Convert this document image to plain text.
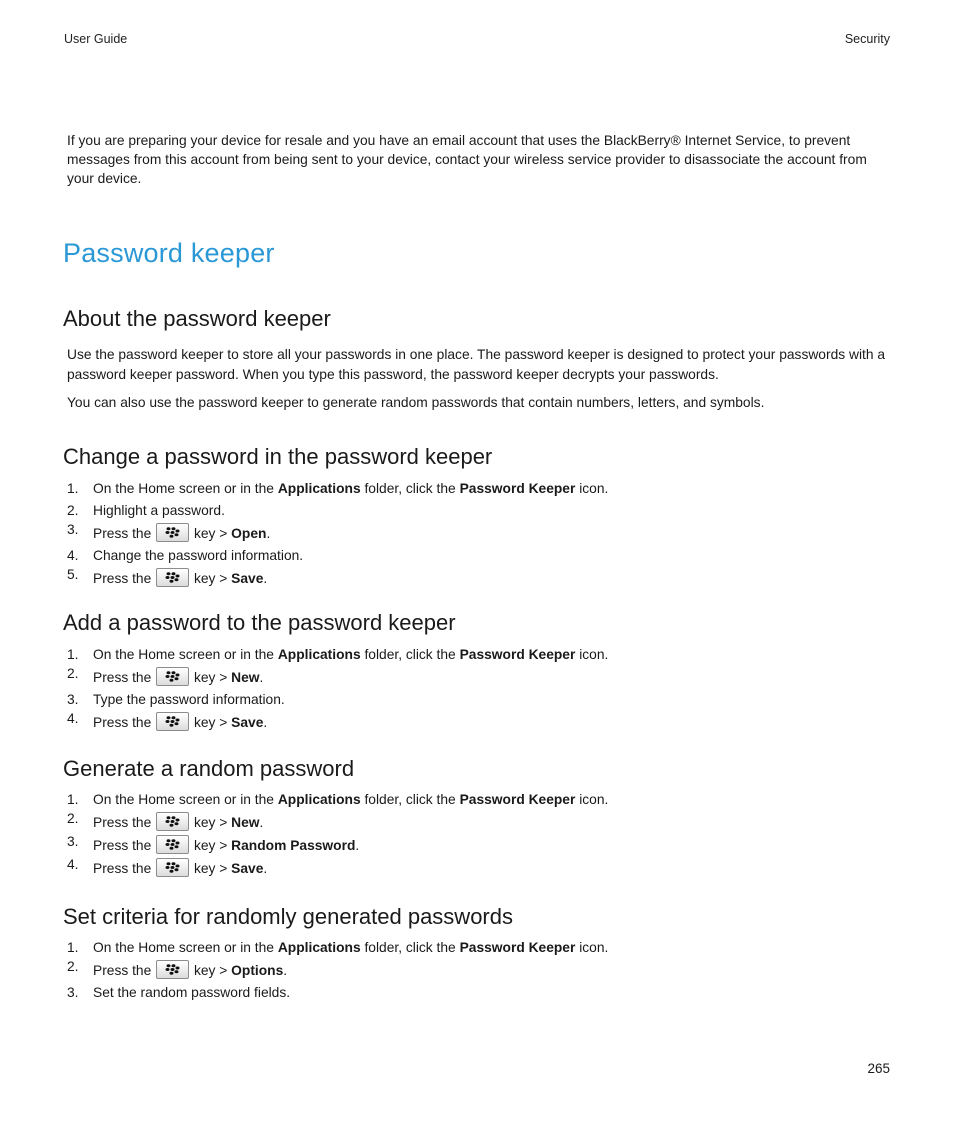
User Guide	Security

If you are preparing your device for resale and you have an email account that uses the BlackBerry® Internet Service, to prevent messages from this account from being sent to your device, contact your wireless service provider to disassociate the account from your device.

Password keeper
About the password keeper

Use the password keeper to store all your passwords in one place. The password keeper is designed to protect your passwords with a password keeper password. When you type this password, the password keeper decrypts your passwords.

You can also use the password keeper to generate random passwords that contain numbers, letters, and symbols.

Change a password in the password keeper
1. On the Home screen or in the Applications folder, click the Password Keeper icon.
2. Highlight a password.
3. Press the	key > Open.
4. Change the password information.
5. Press the	key > Save.
Add a password to the password keeper
1. On the Home screen or in the Applications folder, click the Password Keeper icon.
2. Press the	key > New.
3. Type the password information.
4. Press the	key > Save.
Generate a random password
1. On the Home screen or in the Applications folder, click the Password Keeper icon.
2. Press the	key > New.
3. Press the	key > Random Password.
4. Press the	key > Save.
Set criteria for randomly generated passwords
1. On the Home screen or in the Applications folder, click the Password Keeper icon.
2. Press the	key > Options.
3. Set the random password fields.
265
